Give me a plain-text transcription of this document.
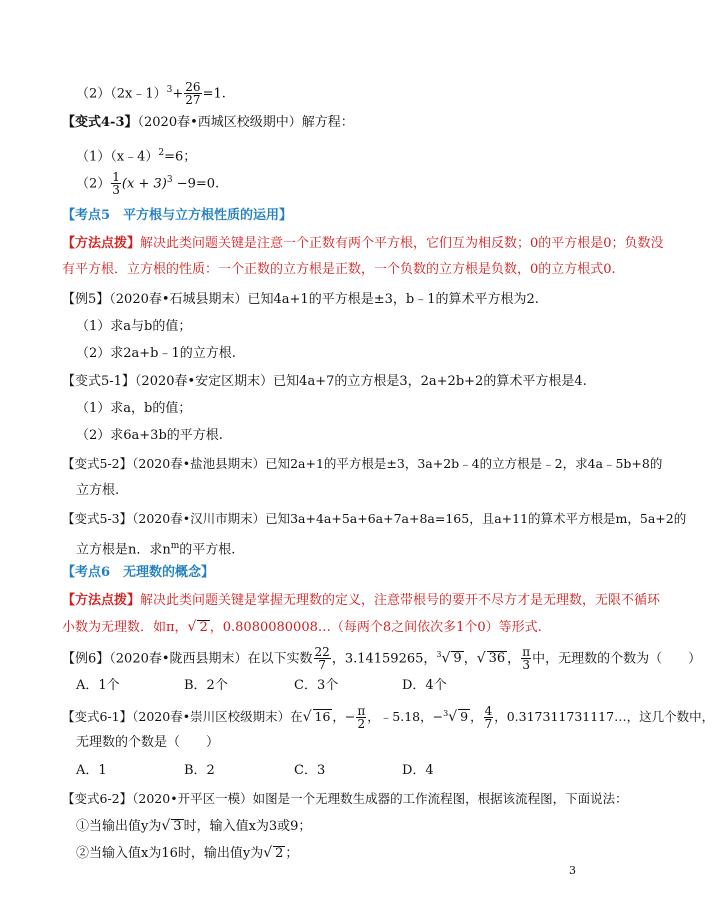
（2）（2x﹣1）$^3$+ $\frac{26}{27} =1$.
【变式4-3】（2020春•西城区校级期中）解方程：
（1）（x﹣4）$^2$=6；
$(2) \frac{1}{3} (x + 3)^3 -9=0$.
【考点5　平方根与立方根性质的运用】
【方法点拨】解决此类问题关键是注意一个正数有两个平方根，它们互为相反数；0的平方根是0；负数没
有平方根．立方根的性质：一个正数的立方根是正数，一个负数的立方根是负数，0的立方根式0.
【例5】（2020春•石城县期末）已知4a+1的平方根是±3，b﹣1的算术平方根为2.
（1）求a与b的值；
（2）求2a+b﹣1的立方根.
【变式5-1】（2020春•安定区期末）已知4a+7的立方根是3，2a+2b+2的算术平方根是4.
（1）求a，b的值；
（2）求6a+3b的平方根.
【变式5-2】（2020春•盐池县期末）已知2a+1的平方根是±3，3a+2b﹣4的立方根是﹣2，求4a﹣5b+8的
立方根.
【变式5-3】（2020春•汉川市期末）已知3a+4a+5a+6a+7a+8a=165，且a+11的算术平方根是m，5a+2的
立方根是n．求$n^m$的平方根.
【考点6　无理数的概念】
【方法点拨】解决此类问题关键是掌握无理数的定义，注意带根号的要开不尽方才是无理数，无限不循环
小数为无理数．如π，√ 2 ，0.8080080008…（每两个8之间依次多1个0）等形式.
【例6】（2020春•陇西县期末）在以下实数 $\frac{22}{7}$ ，3.14159265，$^3$√ 9 ，√ 36 ， $\frac{\pi}{3}$ 中，无理数的个数为（　　）
A．1个	B．2个	C．3个	D．4个
【变式6-1】（2020春•崇川区校级期末）在√ 16 ，− $\frac{\pi}{2}$ ，﹣5.18，−$^3$√ 9 ， $\frac{4}{7}$ ，0.317311731117…，这几个数中，
无理数的个数是（　　）
A．1	B．2	C．3	D．4
【变式6-2】（2020•开平区一模）如图是一个无理数生成器的工作流程图，根据该流程图，下面说法：
①当输出值y为√ 3 时，输入值x为3或9；
②当输入值x为16时，输出值y为√ 2 ；
3
